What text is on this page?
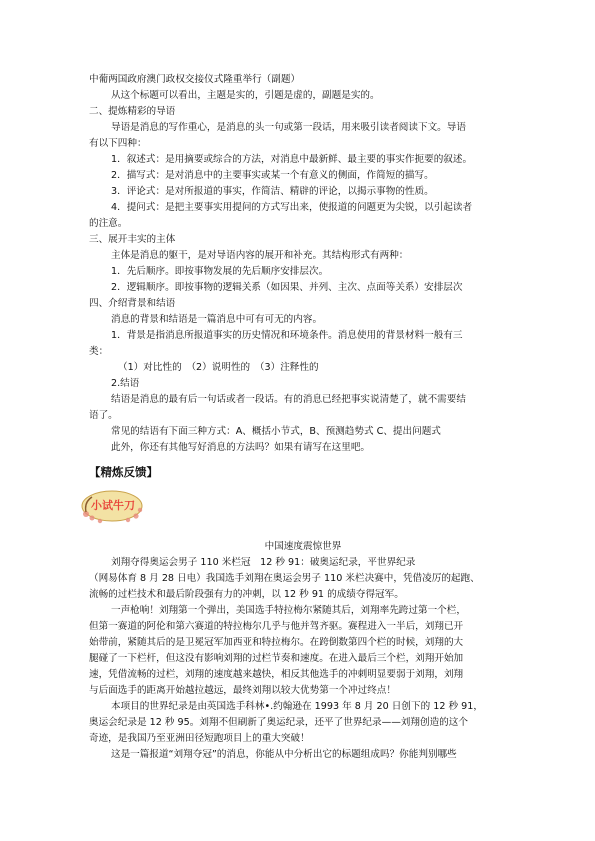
中葡两国政府澳门政权交接仪式隆重举行（副题）
从这个标题可以看出，主题是实的，引题是虚的，副题是实的。
二、提炼精彩的导语
导语是消息的写作重心，是消息的头一句或第一段话，用来吸引读者阅读下文。导语
有以下四种：
1．叙述式：是用摘要或综合的方法，对消息中最新鲜、最主要的事实作扼要的叙述。
2．描写式：是对消息中的主要事实或某一个有意义的侧面，作简短的描写。
3．评论式：是对所报道的事实，作简洁、精辟的评论，以揭示事物的性质。
4．提问式：是把主要事实用提问的方式写出来，使报道的问题更为尖锐，以引起读者
的注意。
三、展开丰实的主体
主体是消息的躯干，是对导语内容的展开和补充。其结构形式有两种：
1．先后顺序。即按事物发展的先后顺序安排层次。
2．逻辑顺序。即按事物的逻辑关系（如因果、并列、主次、点面等关系）安排层次
四、介绍背景和结语
消息的背景和结语是一篇消息中可有可无的内容。
1．背景是指消息所报道事实的历史情况和环境条件。消息使用的背景材料一般有三
类：
（1）对比性的　（2）说明性的　（3）注释性的
2.结语
结语是消息的最有后一句话或者一段话。有的消息已经把事实说清楚了，就不需要结
语了。
常见的结语有下面三种方式：A、概括小节式，B、预测趋势式 C、提出问题式
此外，你还有其他写好消息的方法吗？如果有请写在这里吧。
【精炼反馈】
小试牛刀
中国速度震惊世界
刘翔夺得奥运会男子 110 米栏冠　12 秒 91：破奥运纪录，平世界纪录
（网易体育 8 月 28 日电）我国选手刘翔在奥运会男子 110 米栏决赛中，凭借凌厉的起跑、
流畅的过栏技术和最后阶段强有力的冲刺，以 12 秒 91 的成绩夺得冠军。
一声枪响！刘翔第一个弹出，美国选手特拉梅尔紧随其后，刘翔率先跨过第一个栏，
但第一赛道的阿伦和第六赛道的特拉梅尔几乎与他并驾齐驱。赛程进入一半后，刘翔已开
始带前，紧随其后的是卫冕冠军加西亚和特拉梅尔。在跨倒数第四个栏的时候，刘翔的大
腿碰了一下栏杆，但这没有影响刘翔的过栏节奏和速度。在进入最后三个栏，刘翔开始加
速，凭借流畅的过栏，刘翔的速度越来越快，相反其他选手的冲刺明显要弱于刘翔，刘翔
与后面选手的距离开始越拉越远，最终刘翔以较大优势第一个冲过终点！
本项目的世界纪录是由英国选手科林•.约翰逊在 1993 年 8 月 20 日创下的 12 秒 91，
奥运会纪录是 12 秒 95。刘翔不但刷新了奥运纪录，还平了世界纪录——刘翔创造的这个
奇迹，是我国乃至亚洲田径短跑项目上的重大突破！
这是一篇报道“刘翔夺冠”的消息，你能从中分析出它的标题组成吗？你能判别哪些
